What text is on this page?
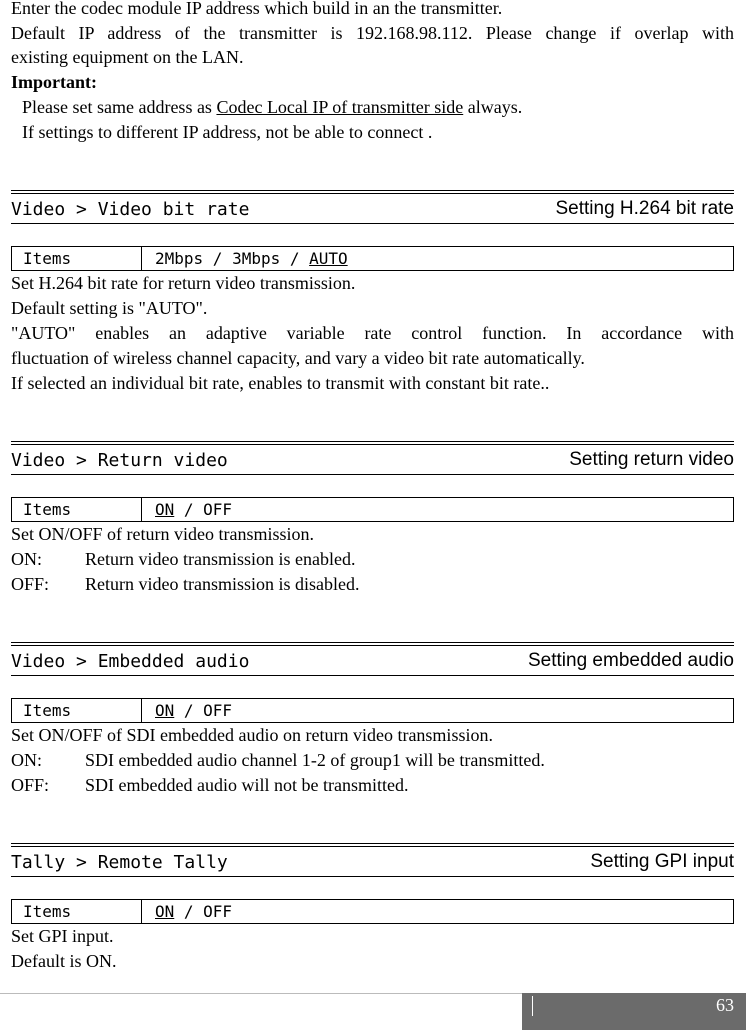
Enter the codec module IP address which build in an the transmitter.
Default IP address of the transmitter is 192.168.98.112. Please change if overlap with
existing equipment on the LAN.
Important:
Please set same address as Codec Local IP of transmitter side always.
If settings to different IP address, not be able to connect .
Video > Video bit rate	Setting H.264 bit rate
Items	2Mbps / 3Mbps / AUTO
Set H.264 bit rate for return video transmission.
Default setting is "AUTO".
"AUTO" enables an adaptive variable rate control function. In accordance with
fluctuation of wireless channel capacity, and vary a video bit rate automatically.
If selected an individual bit rate, enables to transmit with constant bit rate..
Video > Return video	Setting return video
Items	ON / OFF
Set ON/OFF of return video transmission.
ON: Return video transmission is enabled.
OFF: Return video transmission is disabled.
Video > Embedded audio	Setting embedded audio
Items	ON / OFF
Set ON/OFF of SDI embedded audio on return video transmission.
ON: SDI embedded audio channel 1-2 of group1 will be transmitted.
OFF: SDI embedded audio will not be transmitted.
Tally > Remote Tally	Setting GPI input
Items	ON / OFF
Set GPI input.
Default is ON.
63
